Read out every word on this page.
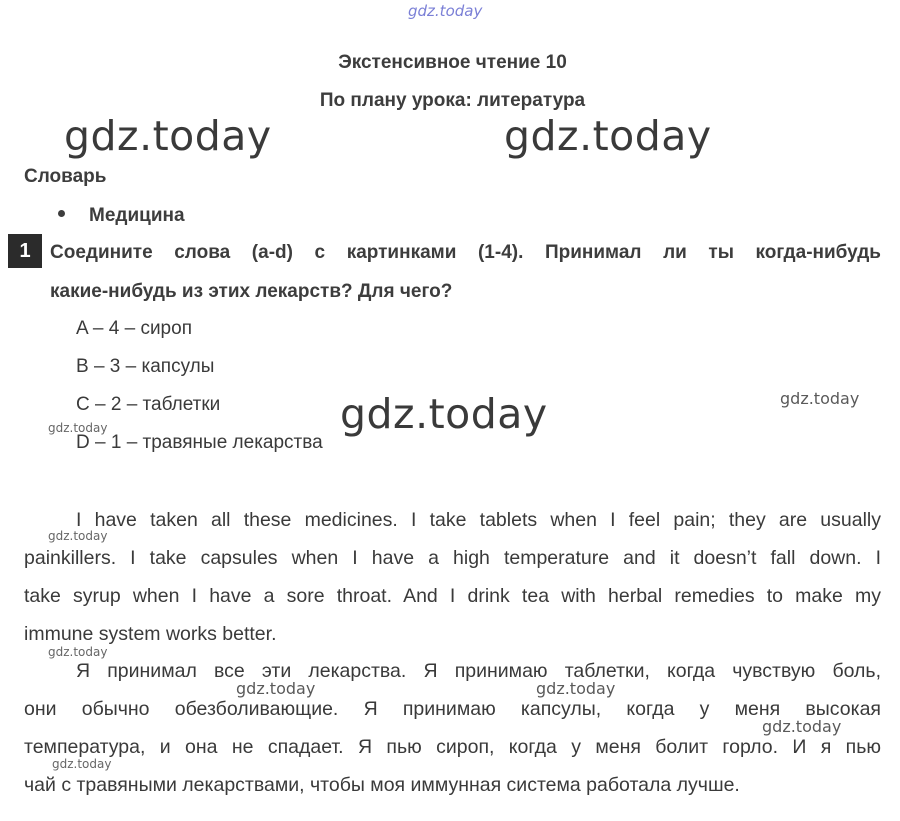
gdz.today
Экстенсивное чтение 10
По плану урока: литература
gdz.today	gdz.today
Словарь
Медицина
1	Соедините слова (a-d) с картинками (1-4). Принимал ли ты когда-нибудь
какие-нибудь из этих лекарств? Для чего?
A – 4 – сироп
B – 3 – капсулы
C – 2 – таблетки
D – 1 – травяные лекарства
gdz.today	gdz.today
gdz.today
I have taken all these medicines. I take tablets when I feel pain; they are usually
painkillers. I take capsules when I have a high temperature and it doesn’t fall down. I
take syrup when I have a sore throat. And I drink tea with herbal remedies to make my
immune system works better.
gdz.today
gdz.today
Я принимал все эти лекарства. Я принимаю таблетки, когда чувствую боль,
они обычно обезболивающие. Я принимаю капсулы, когда у меня высокая
температура, и она не спадает. Я пью сироп, когда у меня болит горло. И я пью
чай с травяными лекарствами, чтобы моя иммунная система работала лучше.
gdz.today	gdz.today
gdz.today
gdz.today
